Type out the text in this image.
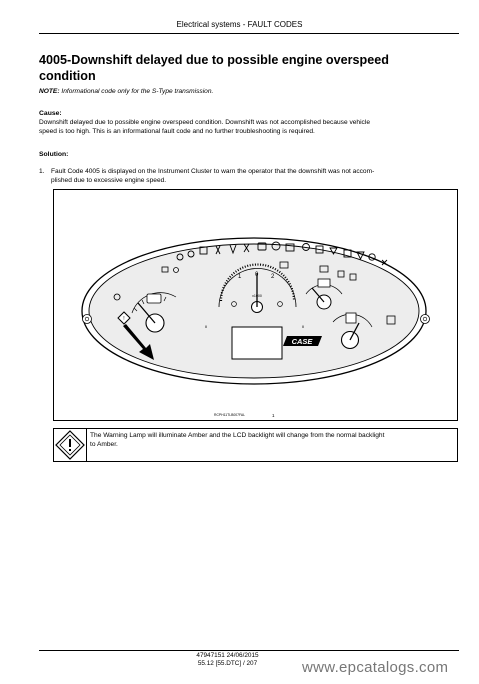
Electrical systems - FAULT CODES
4005-Downshift delayed due to possible engine overspeed
condition
NOTE: Informational code only for the S-Type transmission.
Cause:
Downshift delayed due to possible engine overspeed condition. Downshift was not accomplished because vehicle
speed is too high. This is an informational fault code and no further troubleshooting is required.
Solution:
1. Fault Code 4005 is displayed on the Instrument Cluster to warn the operator that the downshift was not accom-
plished due to excessive engine speed.
!
II	II
1 0 2
x1000
CASE
RCPH11TLB007FAL	1
The Warning Lamp will illuminate Amber and the LCD backlight will change from the normal backlight
to Amber.
47947151 24/06/2015
55.12 [55.DTC] / 207	www.epcatalogs.com
